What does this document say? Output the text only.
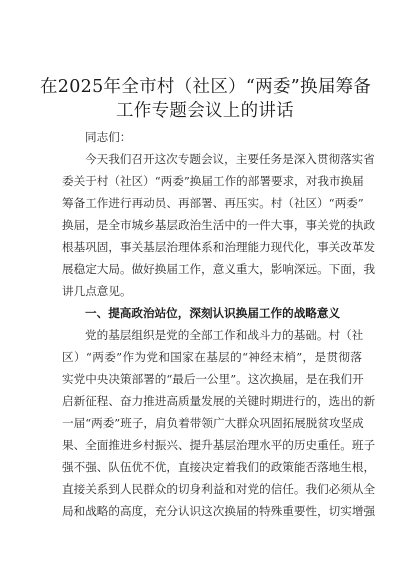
在2025年全市村（社区）“两委”换届筹备
工作专题会议上的讲话
同志们：
今天我们召开这次专题会议，主要任务是深入贯彻落实省
委关于村（社区）“两委”换届工作的部署要求，对我市换届
筹备工作进行再动员、再部署、再压实。村（社区）“两委”
换届，是全市城乡基层政治生活中的一件大事，事关党的执政
根基巩固，事关基层治理体系和治理能力现代化，事关改革发
展稳定大局。做好换届工作，意义重大，影响深远。下面，我
讲几点意见。
一、提高政治站位，深刻认识换届工作的战略意义
党的基层组织是党的全部工作和战斗力的基础。村（社
区）“两委”作为党和国家在基层的“神经末梢”，是贯彻落
实党中央决策部署的“最后一公里”。这次换届，是在我们开
启新征程、奋力推进高质量发展的关键时期进行的，选出的新
一届“两委”班子，肩负着带领广大群众巩固拓展脱贫攻坚成
果、全面推进乡村振兴、提升基层治理水平的历史重任。班子
强不强、队伍优不优，直接决定着我们的政策能否落地生根，
直接关系到人民群众的切身利益和对党的信任。我们必须从全
局和战略的高度，充分认识这次换届的特殊重要性，切实增强
